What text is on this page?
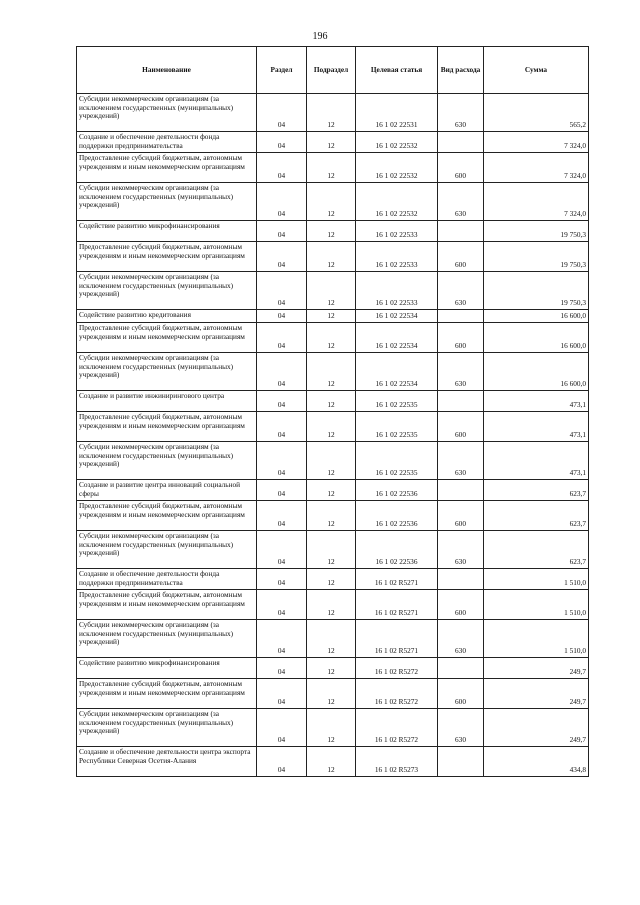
196
Наименование	Раздел	Подраздел	Целевая статья	Вид расхода	Сумма
Субсидии некоммерческим организациям (за исключением государственных (муниципальных) учреждений)	04	12	16 1 02 22531	630	565,2
Создание и обеспечение деятельности фонда поддержки предпринимательства	04	12	16 1 02 22532		7 324,0
Предоставление субсидий бюджетным, автономным учреждениям и иным некоммерческим организациям	04	12	16 1 02 22532	600	7 324,0
Субсидии некоммерческим организациям (за исключением государственных (муниципальных) учреждений)	04	12	16 1 02 22532	630	7 324,0
Содействие развитию микрофинансирования	04	12	16 1 02 22533		19 750,3
Предоставление субсидий бюджетным, автономным учреждениям и иным некоммерческим организациям	04	12	16 1 02 22533	600	19 750,3
Субсидии некоммерческим организациям (за исключением государственных (муниципальных) учреждений)	04	12	16 1 02 22533	630	19 750,3
Содействие развитию кредитования	04	12	16 1 02 22534		16 600,0
Предоставление субсидий бюджетным, автономным учреждениям и иным некоммерческим организациям	04	12	16 1 02 22534	600	16 600,0
Субсидии некоммерческим организациям (за исключением государственных (муниципальных) учреждений)	04	12	16 1 02 22534	630	16 600,0
Создание и развитие инжинирингового центра	04	12	16 1 02 22535		473,1
Предоставление субсидий бюджетным, автономным учреждениям и иным некоммерческим организациям	04	12	16 1 02 22535	600	473,1
Субсидии некоммерческим организациям (за исключением государственных (муниципальных) учреждений)	04	12	16 1 02 22535	630	473,1
Создание и развитие центра инноваций социальной сферы	04	12	16 1 02 22536		623,7
Предоставление субсидий бюджетным, автономным учреждениям и иным некоммерческим организациям	04	12	16 1 02 22536	600	623,7
Субсидии некоммерческим организациям (за исключением государственных (муниципальных) учреждений)	04	12	16 1 02 22536	630	623,7
Создание и обеспечение деятельности фонда поддержки предпринимательства	04	12	16 1 02 R5271		1 510,0
Предоставление субсидий бюджетным, автономным учреждениям и иным некоммерческим организациям	04	12	16 1 02 R5271	600	1 510,0
Субсидии некоммерческим организациям (за исключением государственных (муниципальных) учреждений)	04	12	16 1 02 R5271	630	1 510,0
Содействие развитию микрофинансирования	04	12	16 1 02 R5272		249,7
Предоставление субсидий бюджетным, автономным учреждениям и иным некоммерческим организациям	04	12	16 1 02 R5272	600	249,7
Субсидии некоммерческим организациям (за исключением государственных (муниципальных) учреждений)	04	12	16 1 02 R5272	630	249,7
Создание и обеспечение деятельности центра экспорта Республики Северная Осетия-Алания	04	12	16 1 02 R5273		434,8
